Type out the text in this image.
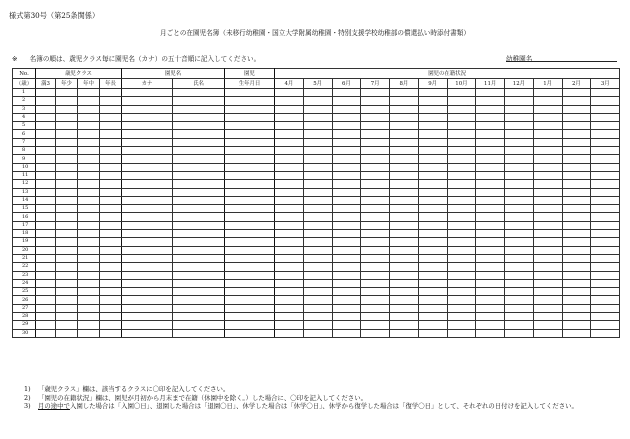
様式第30号（第25条関係）
月ごとの在園児名簿（未移行幼稚園・国立大学附属幼稚園・特別支援学校幼稚部の償還払い時添付書類）
※ 名簿の順は、歳児クラス毎に園児名（カナ）の五十音順に記入してください。	幼稚園名
No.	歳児クラス				園児名		園児	園児の在籍状況											
（歳）	満3	年少	年中	年長	カナ	氏名	生年月日	4月	5月	6月	7月	8月	9月	10月	11月	12月	1月	2月	3月
1																			
2																			
3																			
4																			
5																			
6																			
7																			
8																			
9																			
10																			
11																			
12																			
13																			
14																			
15																			
16																			
17																			
18																			
19																			
20																			
21																			
22																			
23																			
24																			
25																			
26																			
27																			
28																			
29																			
30																			
1)	「歳児クラス」欄は、該当するクラスに〇印を記入してください。
2)	「園児の在籍状況」欄は、園児が月初から月末まで在籍（休園中を除く。）した場合に、〇印を記入してください。
3)	月の途中で入園した場合は「入園〇日」、退園した場合は「退園〇日」、休学した場合は「休学〇日」、休学から復学した場合は「復学〇日」として、それぞれの日付けを記入してください。
